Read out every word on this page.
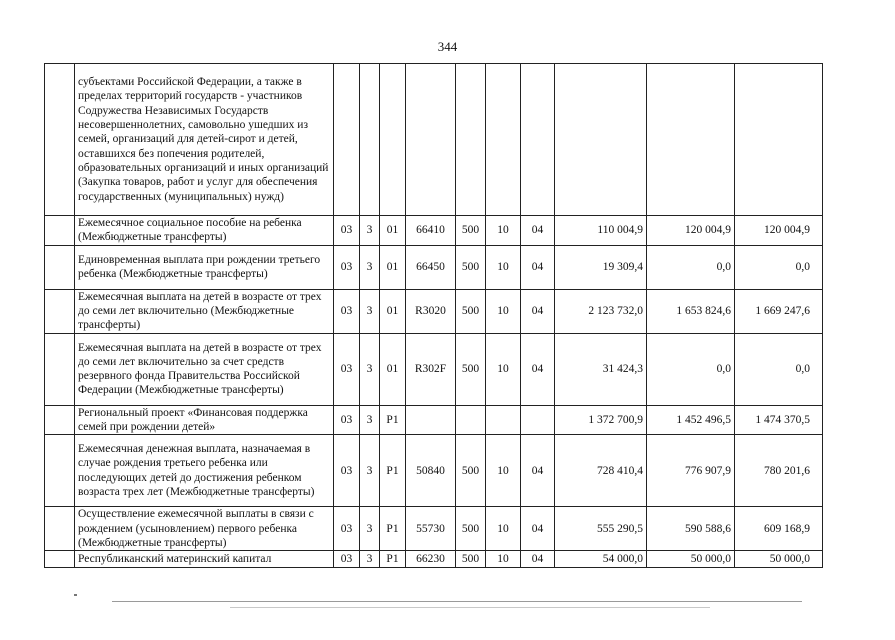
344
	субъектами Российской Федерации, а также в пределах территорий государств - участников Содружества Независимых Государств несовершеннолетних, самовольно ушедших из семей, организаций для детей-сирот и детей, оставшихся без попечения родителей, образовательных организаций и иных организаций (Закупка товаров, работ и услуг для обеспечения государственных (муниципальных) нужд)										
	Ежемесячное социальное пособие на ребенка (Межбюджетные трансферты)	03	3	01	66410	500	10	04	110 004,9	120 004,9	120 004,9
	Единовременная выплата при рождении третьего ребенка (Межбюджетные трансферты)	03	3	01	66450	500	10	04	19 309,4	0,0	0,0
	Ежемесячная выплата на детей в возрасте от трех до семи лет включительно (Межбюджетные трансферты)	03	3	01	R3020	500	10	04	2 123 732,0	1 653 824,6	1 669 247,6
	Ежемесячная выплата на детей в возрасте от трех до семи лет включительно за счет средств резервного фонда Правительства Российской Федерации (Межбюджетные трансферты)	03	3	01	R302F	500	10	04	31 424,3	0,0	0,0
	Региональный проект «Финансовая поддержка семей при рождении детей»	03	3	P1					1 372 700,9	1 452 496,5	1 474 370,5
	Ежемесячная денежная выплата, назначаемая в случае рождения третьего ребенка или последующих детей до достижения ребенком возраста трех лет (Межбюджетные трансферты)	03	3	P1	50840	500	10	04	728 410,4	776 907,9	780 201,6
	Осуществление ежемесячной выплаты в связи с рождением (усыновлением) первого ребенка (Межбюджетные трансферты)	03	3	P1	55730	500	10	04	555 290,5	590 588,6	609 168,9
	Республиканский материнский капитал	03	3	P1	66230	500	10	04	54 000,0	50 000,0	50 000,0
